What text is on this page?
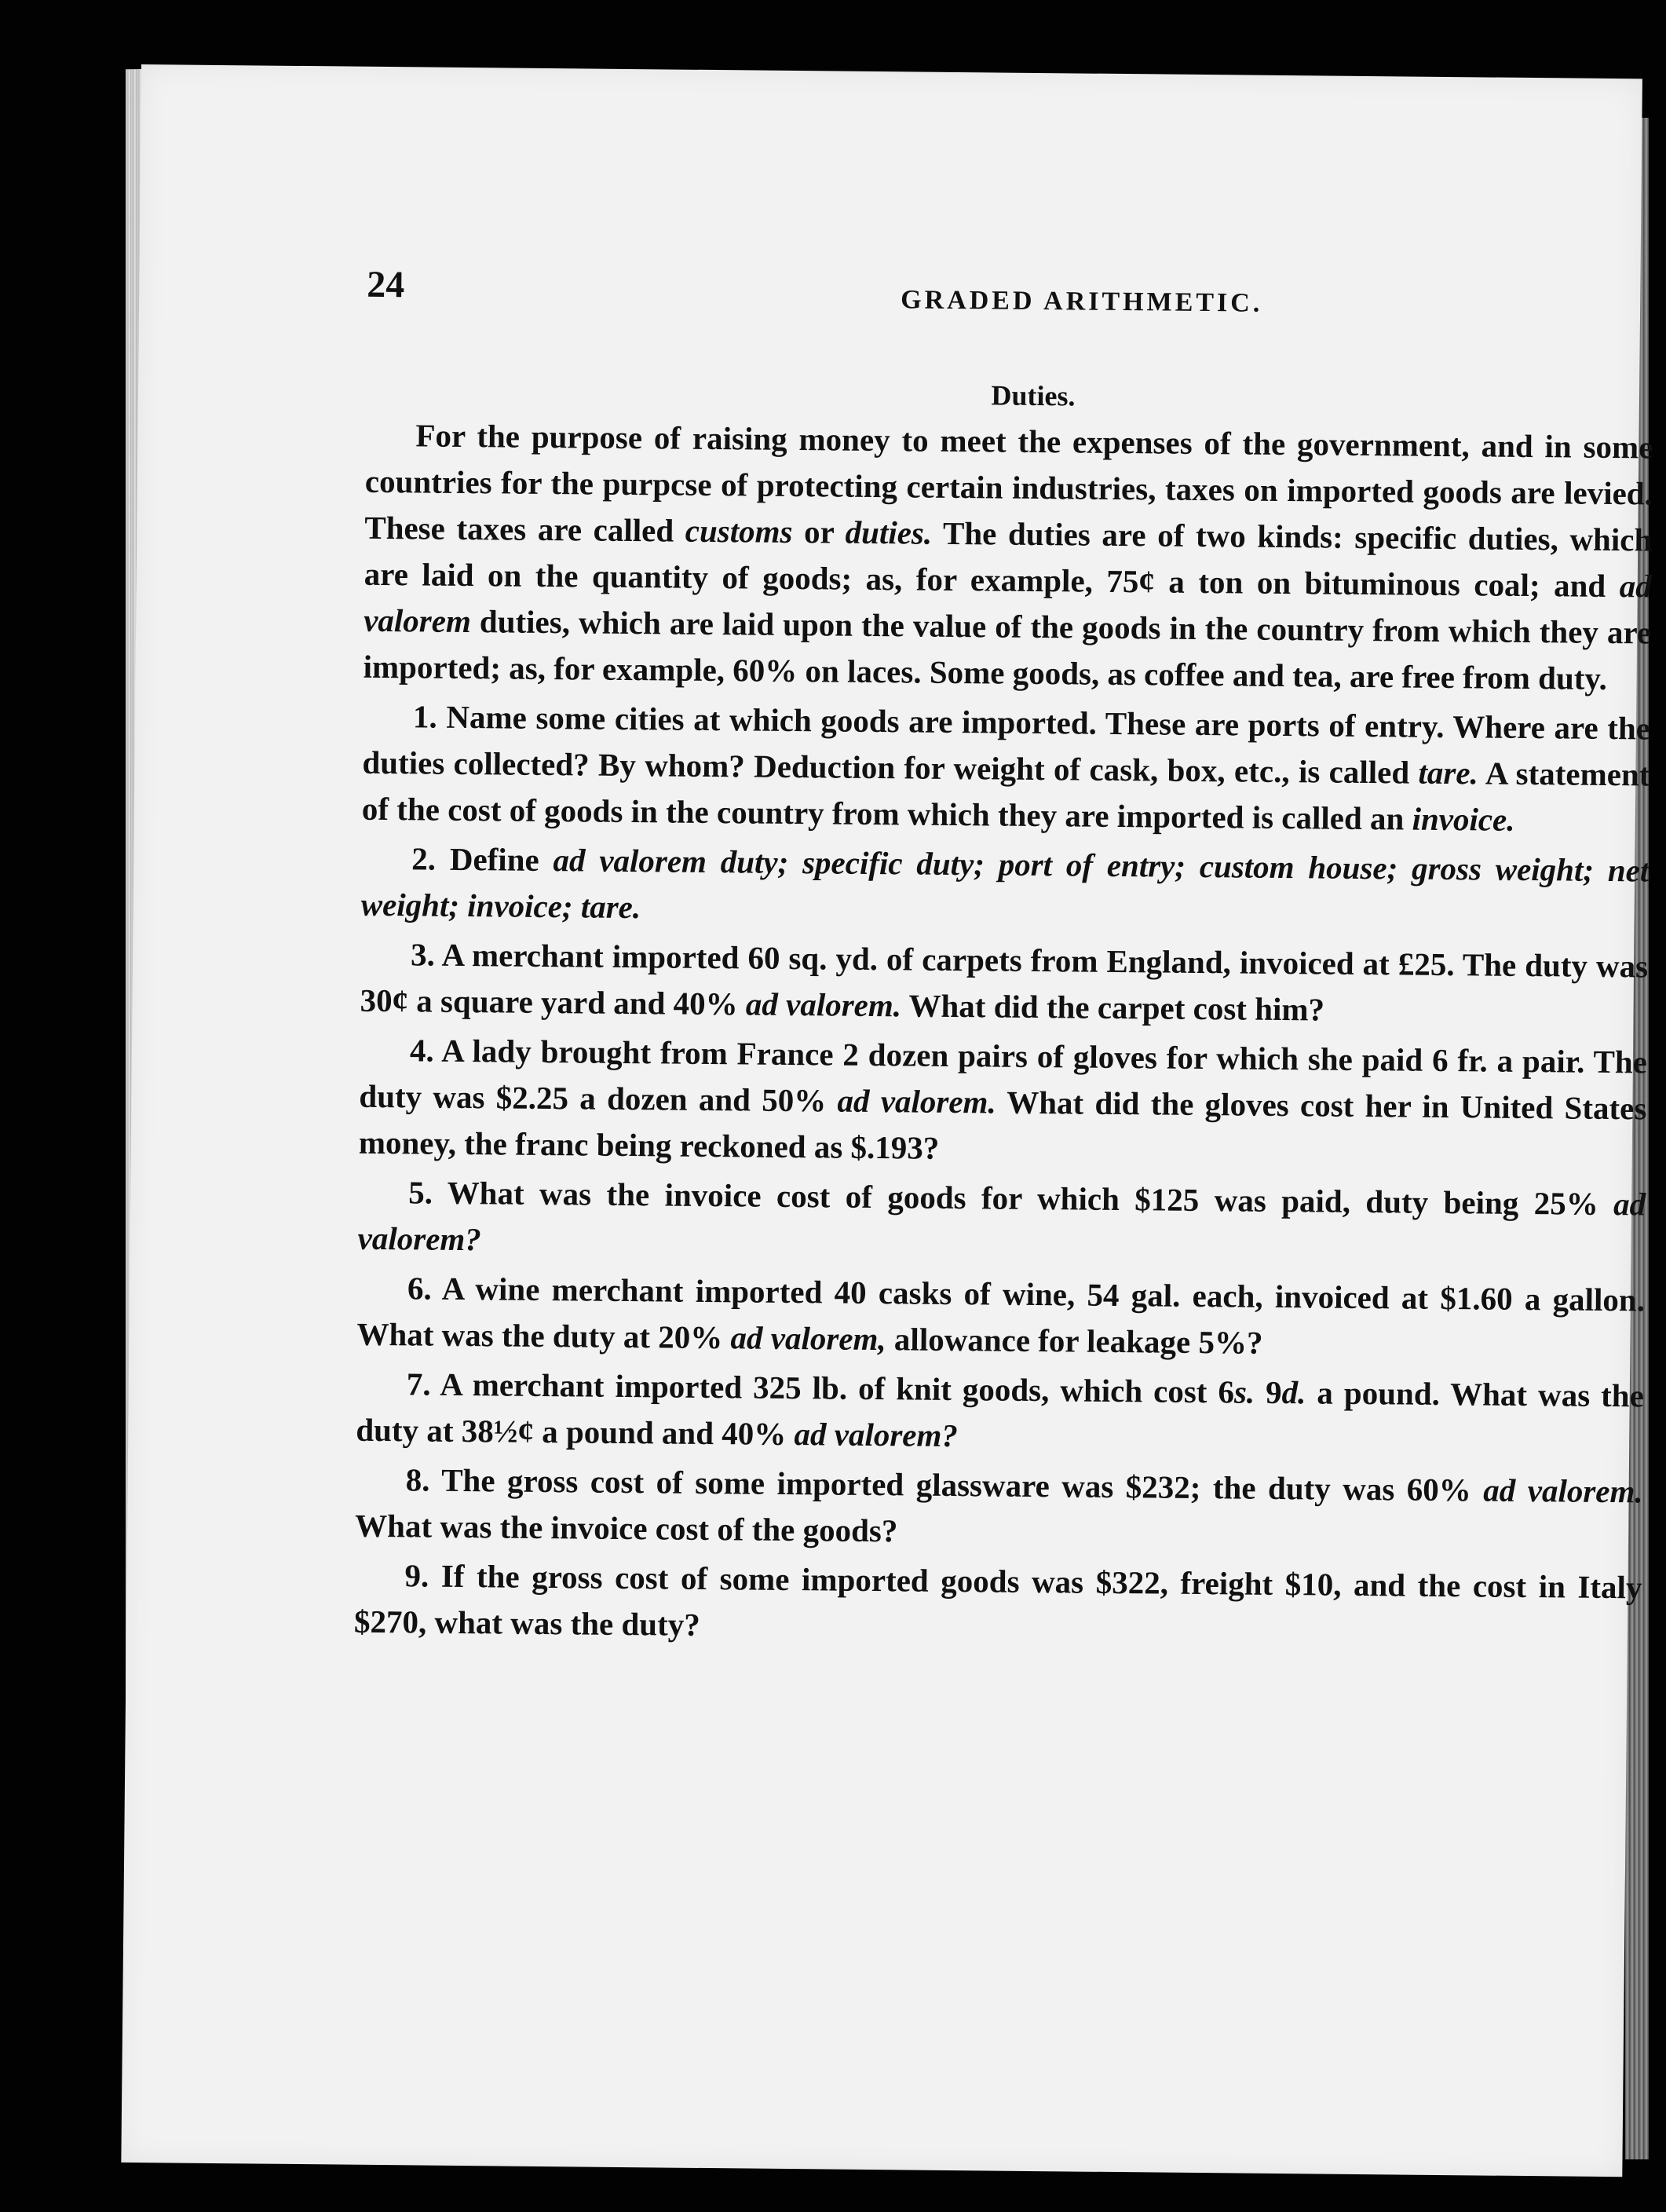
24	GRADED ARITHMETIC.
Duties.

For the purpose of raising money to meet the expenses of the government, and in some countries for the purpcse of protecting certain industries, taxes on imported goods are levied. These taxes are called customs or duties. The duties are of two kinds: specific duties, which are laid on the quantity of goods; as, for example, 75¢ a ton on bituminous coal; and ad valorem duties, which are laid upon the value of the goods in the country from which they are imported; as, for example, 60% on laces. Some goods, as coffee and tea, are free from duty.

1. Name some cities at which goods are imported. These are ports of entry. Where are the duties collected? By whom? Deduction for weight of cask, box, etc., is called tare. A statement of the cost of goods in the country from which they are imported is called an invoice.

2. Define ad valorem duty; specific duty; port of entry; custom house; gross weight; net weight; invoice; tare.

3. A merchant imported 60 sq. yd. of carpets from England, invoiced at £25. The duty was 30¢ a square yard and 40% ad valorem. What did the carpet cost him?

4. A lady brought from France 2 dozen pairs of gloves for which she paid 6 fr. a pair. The duty was $2.25 a dozen and 50% ad valorem. What did the gloves cost her in United States money, the franc being reckoned as $.193?

5. What was the invoice cost of goods for which $125 was paid, duty being 25% ad valorem?

6. A wine merchant imported 40 casks of wine, 54 gal. each, invoiced at $1.60 a gallon. What was the duty at 20% ad valorem, allowance for leakage 5%?

7. A merchant imported 325 lb. of knit goods, which cost 6s. 9d. a pound. What was the duty at 38½¢ a pound and 40% ad valorem?

8. The gross cost of some imported glassware was $232; the duty was 60% ad valorem. What was the invoice cost of the goods?

9. If the gross cost of some imported goods was $322, freight $10, and the cost in Italy $270, what was the duty?
